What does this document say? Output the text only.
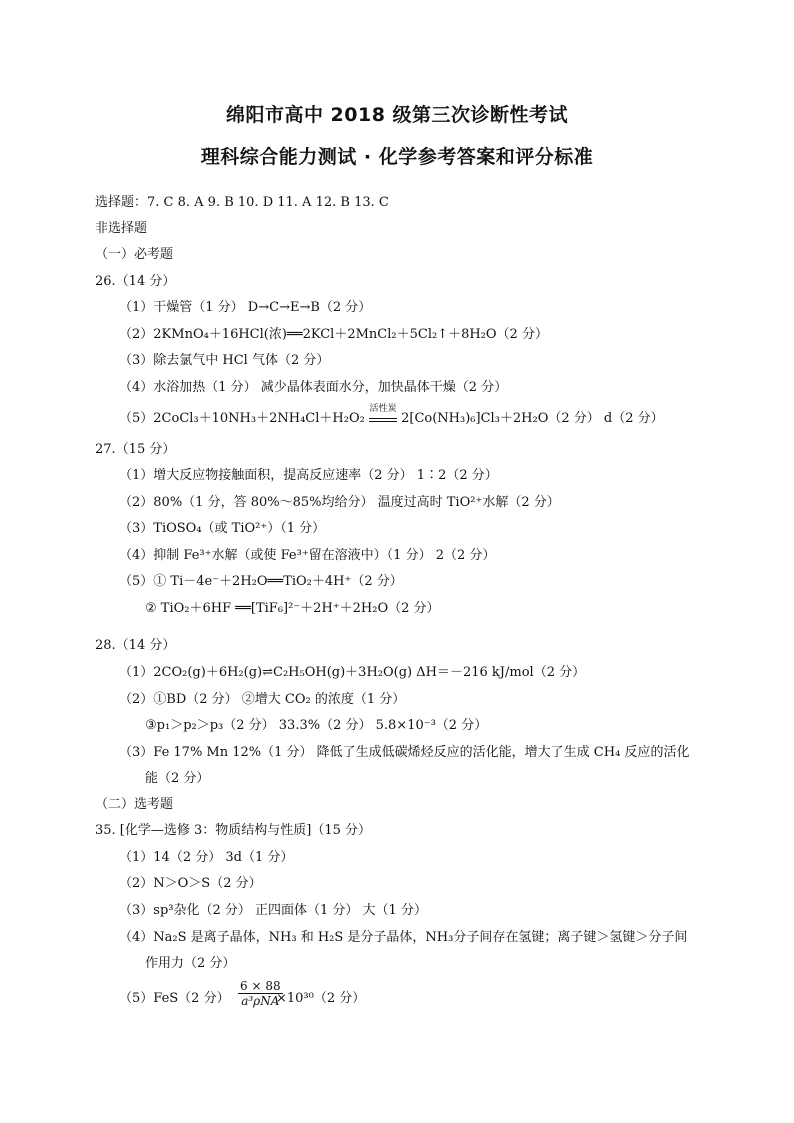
绵阳市高中 2018 级第三次诊断性考试
理科综合能力测试 · 化学参考答案和评分标准
选择题：7. C 8. A 9. B 10. D 11. A 12. B 13. C
非选择题
（一）必考题
26.（14 分）
（1）干燥管（1 分） D→C→E→B（2 分）
（2）2KMnO₄＋16HCl(浓)══2KCl＋2MnCl₂＋5Cl₂↑＋8H₂O（2 分）
（3）除去氯气中 HCl 气体（2 分）
（4）水浴加热（1 分） 减少晶体表面水分，加快晶体干燥（2 分）
（5）2CoCl₃＋10NH₃＋2NH₄Cl＋H₂O₂
活性炭
2[Co(NH₃)₆]Cl₃＋2H₂O（2 分） d（2 分）
27.（15 分）
（1）增大反应物接触面积，提高反应速率（2 分） 1∶2（2 分）
（2）80%（1 分，答 80%～85%均给分） 温度过高时 TiO²⁺水解（2 分）
（3）TiOSO₄（或 TiO²⁺）（1 分）
（4）抑制 Fe³⁺水解（或使 Fe³⁺留在溶液中）（1 分） 2（2 分）
（5）① Ti－4e⁻＋2H₂O══TiO₂＋4H⁺（2 分）
② TiO₂＋6HF ══[TiF₆]²⁻＋2H⁺＋2H₂O（2 分）
28.（14 分）
（1）2CO₂(g)＋6H₂(g)⇌C₂H₅OH(g)＋3H₂O(g) ΔH＝－216 kJ/mol（2 分）
（2）①BD（2 分） ②增大 CO₂ 的浓度（1 分）
③p₁＞p₂＞p₃（2 分） 33.3%（2 分） 5.8×10⁻³（2 分）
（3）Fe 17% Mn 12%（1 分） 降低了生成低碳烯烃反应的活化能，增大了生成 CH₄ 反应的活化
能（2 分）
（二）选考题
35. [化学—选修 3：物质结构与性质]（15 分）
（1）14（2 分） 3d（1 分）
（2）N＞O＞S（2 分）
（3）sp³杂化（2 分） 正四面体（1 分） 大（1 分）
（4）Na₂S 是离子晶体，NH₃ 和 H₂S 是分子晶体，NH₃分子间存在氢键；离子键＞氢键＞分子间
作用力（2 分）
（5）FeS（2 分）
6 × 88
a³ρNA
×10³⁰（2 分）
